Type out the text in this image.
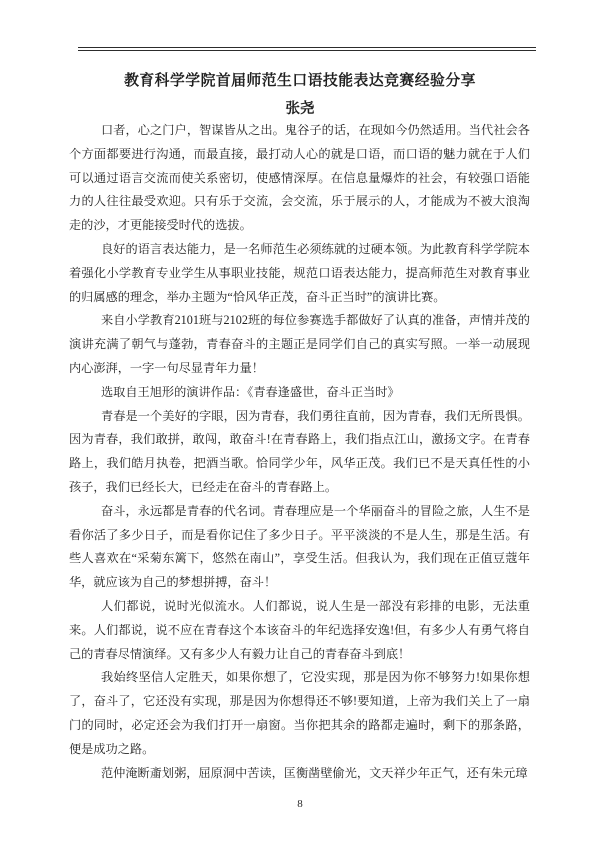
教育科学学院首届师范生口语技能表达竞赛经验分享
张尧

口者，心之门户，智谋皆从之出。鬼谷子的话，在现如今仍然适用。当代社会各个方面都要进行沟通，而最直接，最打动人心的就是口语，而口语的魅力就在于人们可以通过语言交流而使关系密切，使感情深厚。在信息量爆炸的社会，有较强口语能力的人往往最受欢迎。只有乐于交流，会交流，乐于展示的人，才能成为不被大浪淘走的沙，才更能接受时代的选拔。

良好的语言表达能力，是一名师范生必须练就的过硬本领。为此教育科学学院本着强化小学教育专业学生从事职业技能，规范口语表达能力，提高师范生对教育事业的归属感的理念，举办主题为“恰风华正茂，奋斗正当时”的演讲比赛。

来自小学教育2101班与2102班的每位参赛选手都做好了认真的准备，声情并茂的演讲充满了朝气与蓬勃，青春奋斗的主题正是同学们自己的真实写照。一举一动展现内心澎湃，一字一句尽显青年力量！

选取自王旭形的演讲作品：《青春逢盛世，奋斗正当时》

青春是一个美好的字眼，因为青春，我们勇往直前，因为青春，我们无所畏惧。因为青春，我们敢拼，敢闯，敢奋斗!在青春路上，我们指点江山，激扬文字。在青春路上，我们皓月执卷，把酒当歌。恰同学少年，风华正茂。我们已不是天真任性的小孩子，我们已经长大，已经走在奋斗的青春路上。

奋斗，永远都是青春的代名词。青春理应是一个华丽奋斗的冒险之旅，人生不是看你活了多少日子，而是看你记住了多少日子。平平淡淡的不是人生，那是生活。有些人喜欢在“采菊东篱下，悠然在南山”，享受生活。但我认为，我们现在正值豆蔻年华，就应该为自己的梦想拼搏，奋斗！

人们都说，说时光似流水。人们都说，说人生是一部没有彩排的电影，无法重来。人们都说，说不应在青春这个本该奋斗的年纪选择安逸!但，有多少人有勇气将自己的青春尽情演绎。又有多少人有毅力让自己的青春奋斗到底！

我始终坚信人定胜天，如果你想了，它没实现，那是因为你不够努力!如果你想了，奋斗了，它还没有实现，那是因为你想得还不够!要知道，上帝为我们关上了一扇门的同时，必定还会为我们打开一扇窗。当你把其余的路都走遍时，剩下的那条路，便是成功之路。

范仲淹断齑划粥，屈原洞中苦读，匡衡凿壁偷光，文天祥少年正气，还有朱元璋

8
